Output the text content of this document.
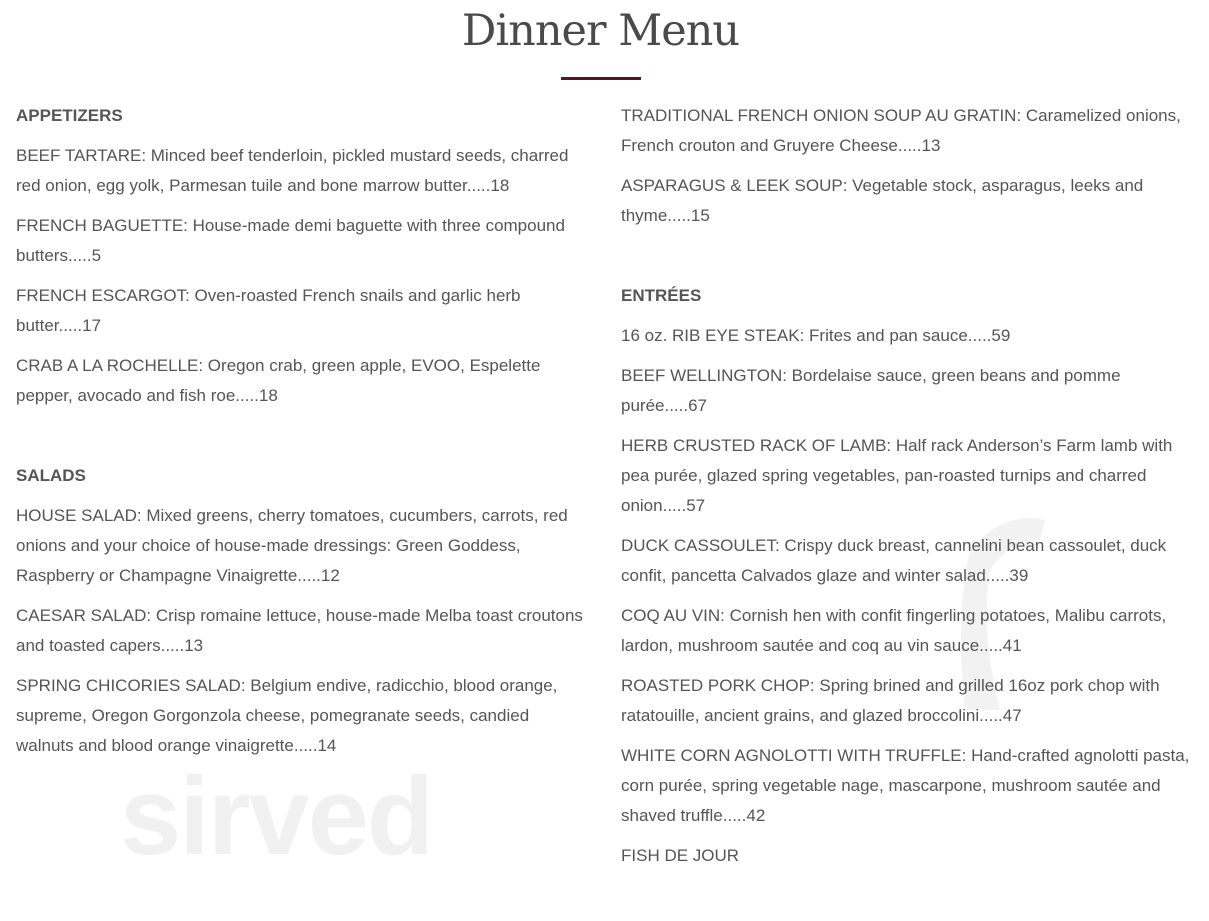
Dinner Menu
sirved
APPETIZERS
BEEF TARTARE: Minced beef tenderloin, pickled mustard seeds, charred red onion, egg yolk, Parmesan tuile and bone marrow butter.....18
FRENCH BAGUETTE: House-made demi baguette with three compound butters.....5
FRENCH ESCARGOT: Oven-roasted French snails and garlic herb butter.....17
CRAB A LA ROCHELLE: Oregon crab, green apple, EVOO, Espelette pepper, avocado and fish roe.....18
SALADS
HOUSE SALAD: Mixed greens, cherry tomatoes, cucumbers, carrots, red onions and your choice of house-made dressings: Green Goddess, Raspberry or Champagne Vinaigrette.....12
CAESAR SALAD: Crisp romaine lettuce, house-made Melba toast croutons and toasted capers.....13
SPRING CHICORIES SALAD: Belgium endive, radicchio, blood orange, supreme, Oregon Gorgonzola cheese, pomegranate seeds, candied walnuts and blood orange vinaigrette.....14
TRADITIONAL FRENCH ONION SOUP AU GRATIN: Caramelized onions, French crouton and Gruyere Cheese.....13
ASPARAGUS & LEEK SOUP: Vegetable stock, asparagus, leeks and thyme.....15
ENTRÉES
16 oz. RIB EYE STEAK: Frites and pan sauce.....59
BEEF WELLINGTON: Bordelaise sauce, green beans and pomme purée.....67
HERB CRUSTED RACK OF LAMB: Half rack Anderson’s Farm lamb with pea purée, glazed spring vegetables, pan-roasted turnips and charred onion.....57
DUCK CASSOULET: Crispy duck breast, cannelini bean cassoulet, duck confit, pancetta Calvados glaze and winter salad.....39
COQ AU VIN: Cornish hen with confit fingerling potatoes, Malibu carrots, lardon, mushroom sautée and coq au vin sauce.....41
ROASTED PORK CHOP: Spring brined and grilled 16oz pork chop with ratatouille, ancient grains, and glazed broccolini.....47
WHITE CORN AGNOLOTTI WITH TRUFFLE: Hand-crafted agnolotti pasta, corn purée, spring vegetable nage, mascarpone, mushroom sautée and shaved truffle.....42
FISH DE JOUR
